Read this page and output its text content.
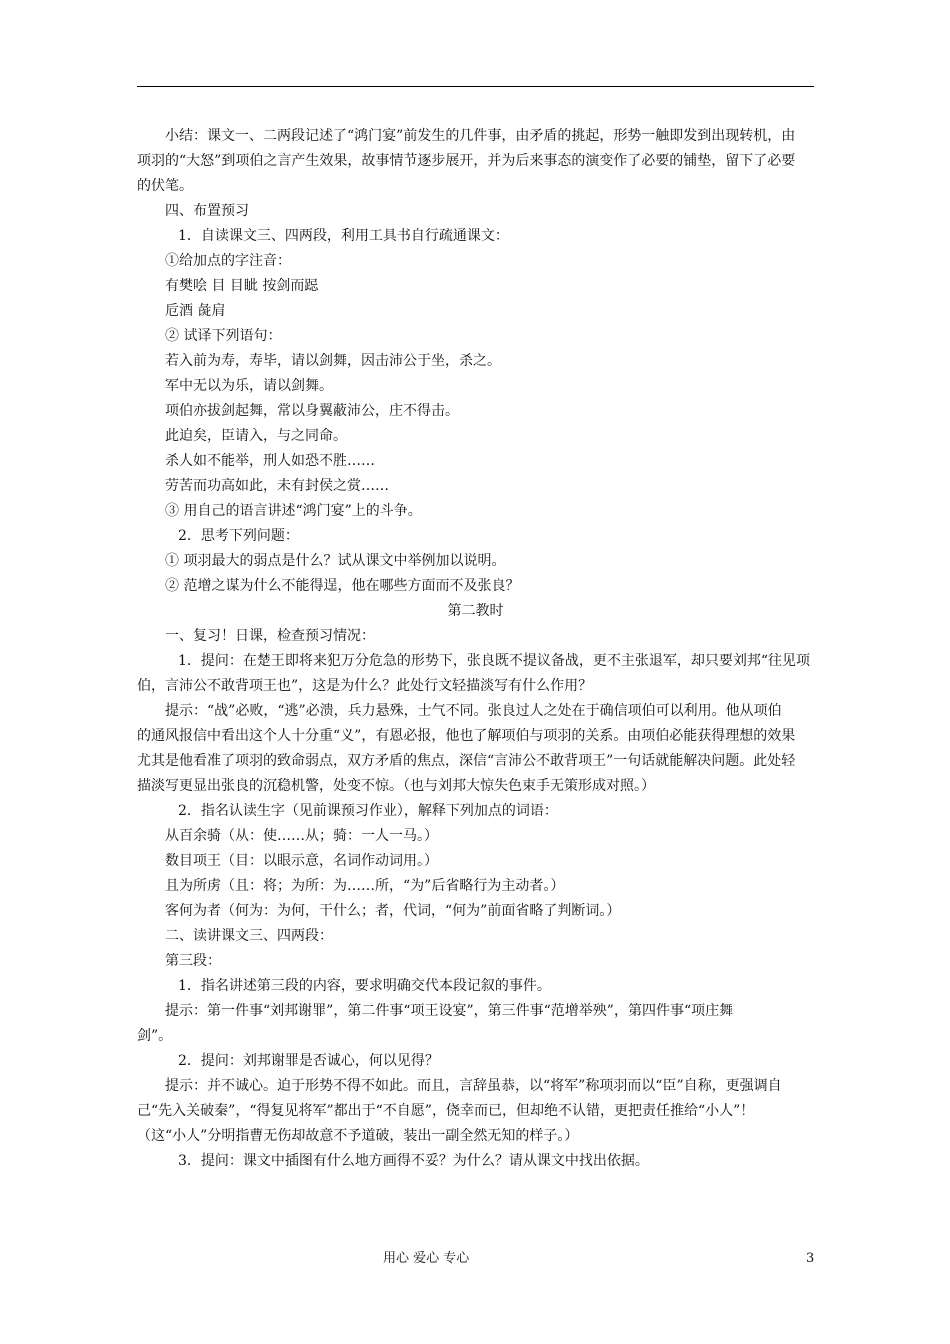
小结：课文一、二两段记述了“鸿门宴”前发生的几件事，由矛盾的挑起，形势一触即发到出现转机，由
项羽的“大怒”到项伯之言产生效果，故事情节逐步展开，并为后来事态的演变作了必要的铺垫，留下了必要
的伏笔。
四、布置预习
1．自读课文三、四两段，利用工具书自行疏通课文：
①给加点的字注音：
有樊哙 目 目眦 按剑而跽
卮酒 彘肩
② 试译下列语句：
若入前为寿，寿毕，请以剑舞，因击沛公于坐，杀之。
军中无以为乐，请以剑舞。
项伯亦拔剑起舞，常以身翼蔽沛公，庄不得击。
此迫矣，臣请入，与之同命。
杀人如不能举，刑人如恐不胜……
劳苦而功高如此，未有封侯之赏……
③ 用自己的语言讲述“鸿门宴”上的斗争。
2．思考下列问题：
① 项羽最大的弱点是什么？试从课文中举例加以说明。
② 范增之谋为什么不能得逞，他在哪些方面而不及张良？
第二教时
一、复习！日课，检查预习情况：
1．提问：在楚王即将来犯万分危急的形势下，张良既不提议备战，更不主张退军，却只要刘邦“往见项
伯，言沛公不敢背项王也”，这是为什么？此处行文轻描淡写有什么作用？
提示：“战”必败，“逃”必溃，兵力悬殊，士气不同。张良过人之处在于确信项伯可以利用。他从项伯
的通风报信中看出这个人十分重“义”，有恩必报，他也了解项伯与项羽的关系。由项伯必能获得理想的效果
尤其是他看准了项羽的致命弱点，双方矛盾的焦点，深信“言沛公不敢背项王”一句话就能解决问题。此处轻
描淡写更显出张良的沉稳机警，处变不惊。（也与刘邦大惊失色束手无策形成对照。）
2．指名认读生字（见前课预习作业），解释下列加点的词语：
从百余骑（从：使……从；骑：一人一马。）
数目项王（目：以眼示意，名词作动词用。）
且为所虏（且：将；为所：为……所，“为”后省略行为主动者。）
客何为者（何为：为何，干什么；者，代词，“何为”前面省略了判断词。）
二、读讲课文三、四两段：
第三段：
1．指名讲述第三段的内容，要求明确交代本段记叙的事件。
提示：第一件事“刘邦谢罪”，第二件事“项王设宴”，第三件事“范增举殃”，第四件事“项庄舞
剑”。
2．提问：刘邦谢罪是否诚心，何以见得？
提示：并不诚心。迫于形势不得不如此。而且，言辞虽恭，以“将军”称项羽而以“臣”自称，更强调自
己“先入关破秦”，“得复见将军”都出于“不自愿”，侥幸而已，但却绝不认错，更把责任推给“小人”！
（这“小人”分明指曹无伤却故意不予道破，装出一副全然无知的样子。）
3．提问：课文中插图有什么地方画得不妥？为什么？请从课文中找出依据。
用心 爱心 专心	3
